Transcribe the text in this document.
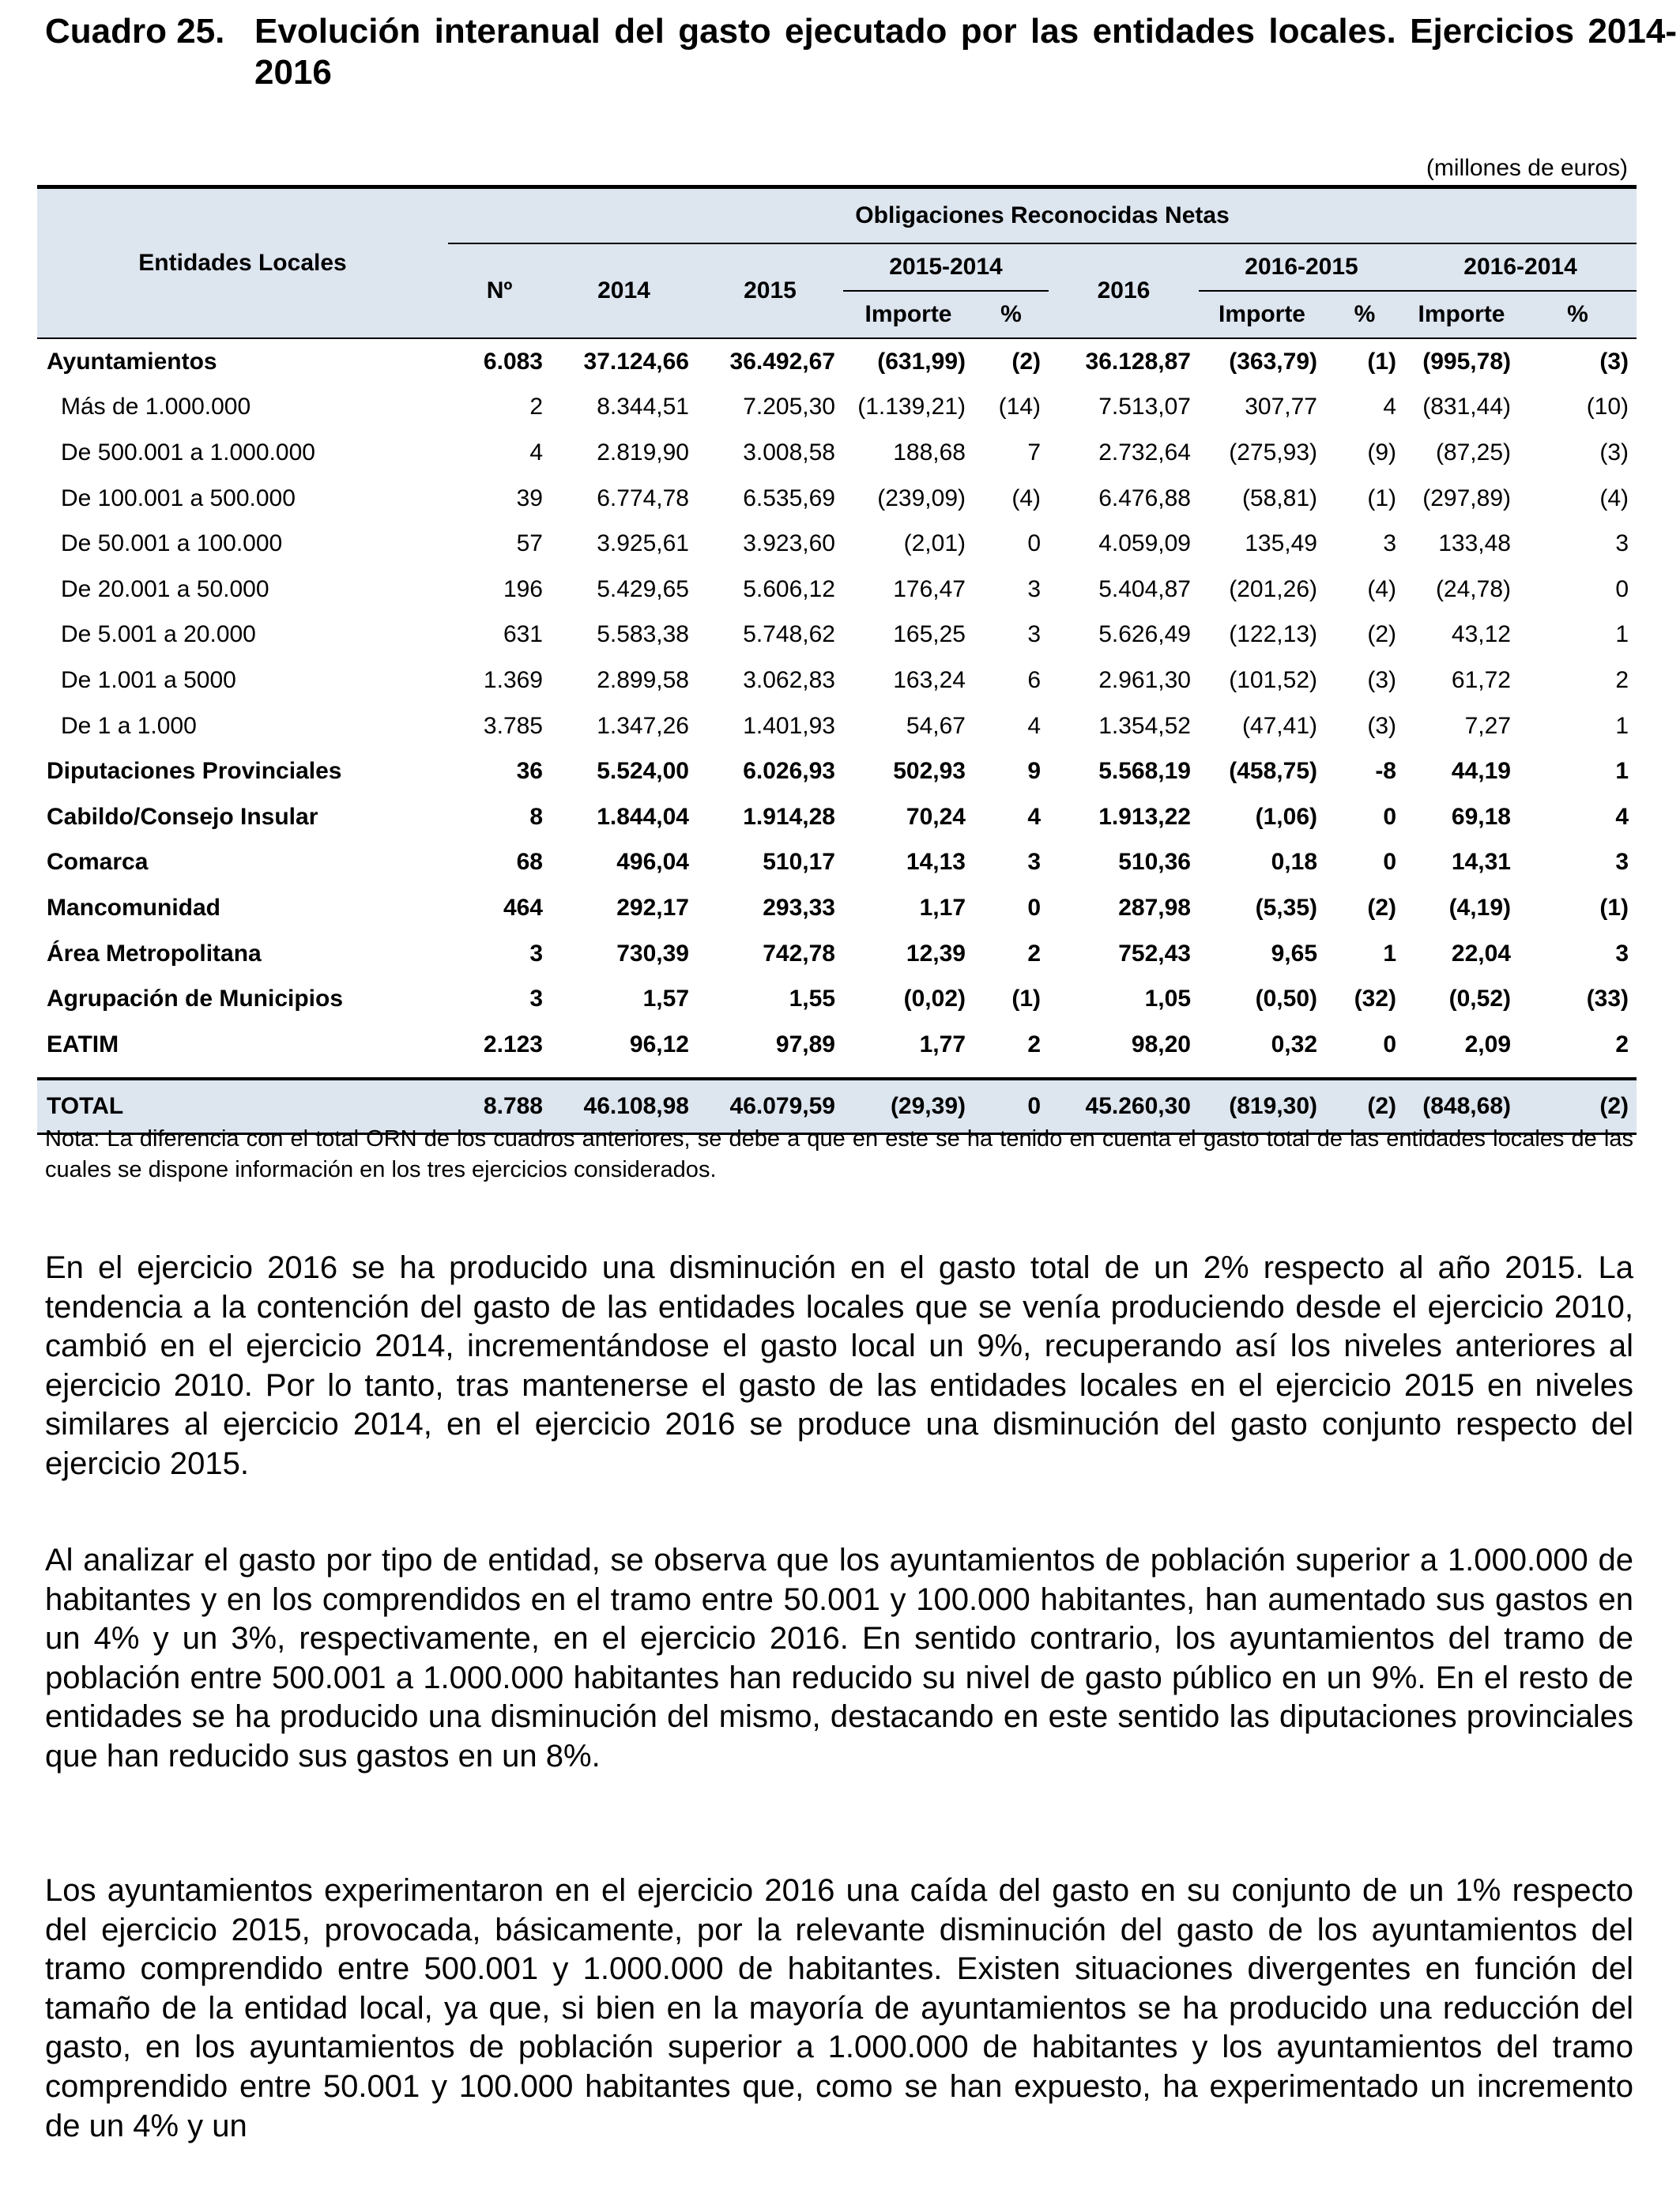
Cuadro 25. Evolución interanual del gasto ejecutado por las entidades locales. Ejercicios 2014-2016
(millones de euros)
Entidades Locales	Obligaciones Reconocidas Netas									
	Nº	2014	2015	2015-2014		2016	2016-2015		2016-2014	
				Importe	%		Importe	%	Importe	%
Ayuntamientos	6.083	37.124,66	36.492,67	(631,99)	(2)	36.128,87	(363,79)	(1)	(995,78)	(3)
Más de 1.000.000	2	8.344,51	7.205,30	(1.139,21)	(14)	7.513,07	307,77	4	(831,44)	(10)
De 500.001 a 1.000.000	4	2.819,90	3.008,58	188,68	7	2.732,64	(275,93)	(9)	(87,25)	(3)
De 100.001 a 500.000	39	6.774,78	6.535,69	(239,09)	(4)	6.476,88	(58,81)	(1)	(297,89)	(4)
De 50.001 a 100.000	57	3.925,61	3.923,60	(2,01)	0	4.059,09	135,49	3	133,48	3
De 20.001 a 50.000	196	5.429,65	5.606,12	176,47	3	5.404,87	(201,26)	(4)	(24,78)	0
De 5.001 a 20.000	631	5.583,38	5.748,62	165,25	3	5.626,49	(122,13)	(2)	43,12	1
De 1.001 a 5000	1.369	2.899,58	3.062,83	163,24	6	2.961,30	(101,52)	(3)	61,72	2
De 1 a 1.000	3.785	1.347,26	1.401,93	54,67	4	1.354,52	(47,41)	(3)	7,27	1
Diputaciones Provinciales	36	5.524,00	6.026,93	502,93	9	5.568,19	(458,75)	-8	44,19	1
Cabildo/Consejo Insular	8	1.844,04	1.914,28	70,24	4	1.913,22	(1,06)	0	69,18	4
Comarca	68	496,04	510,17	14,13	3	510,36	0,18	0	14,31	3
Mancomunidad	464	292,17	293,33	1,17	0	287,98	(5,35)	(2)	(4,19)	(1)
Área Metropolitana	3	730,39	742,78	12,39	2	752,43	9,65	1	22,04	3
Agrupación de Municipios	3	1,57	1,55	(0,02)	(1)	1,05	(0,50)	(32)	(0,52)	(33)
EATIM	2.123	96,12	97,89	1,77	2	98,20	0,32	0	2,09	2

TOTAL	8.788	46.108,98	46.079,59	(29,39)	0	45.260,30	(819,30)	(2)	(848,68)	(2)
Nota: La diferencia con el total ORN de los cuadros anteriores, se debe a que en este se ha tenido en cuenta el gasto total de las entidades locales de las cuales se dispone información en los tres ejercicios considerados.
En el ejercicio 2016 se ha producido una disminución en el gasto total de un 2% respecto al año 2015. La tendencia a la contención del gasto de las entidades locales que se venía produciendo desde el ejercicio 2010, cambió en el ejercicio 2014, incrementándose el gasto local un 9%, recuperando así los niveles anteriores al ejercicio 2010. Por lo tanto, tras mantenerse el gasto de las entidades locales en el ejercicio 2015 en niveles similares al ejercicio 2014, en el ejercicio 2016 se produce una disminución del gasto conjunto respecto del ejercicio 2015.
Al analizar el gasto por tipo de entidad, se observa que los ayuntamientos de población superior a 1.000.000 de habitantes y en los comprendidos en el tramo entre 50.001 y 100.000 habitantes, han aumentado sus gastos en un 4% y un 3%, respectivamente, en el ejercicio 2016. En sentido contrario, los ayuntamientos del tramo de población entre 500.001 a 1.000.000 habitantes han reducido su nivel de gasto público en un 9%. En el resto de entidades se ha producido una disminución del mismo, destacando en este sentido las diputaciones provinciales que han reducido sus gastos en un 8%.
Los ayuntamientos experimentaron en el ejercicio 2016 una caída del gasto en su conjunto de un 1% respecto del ejercicio 2015, provocada, básicamente, por la relevante disminución del gasto de los ayuntamientos del tramo comprendido entre 500.001 y 1.000.000 de habitantes. Existen situaciones divergentes en función del tamaño de la entidad local, ya que, si bien en la mayoría de ayuntamientos se ha producido una reducción del gasto, en los ayuntamientos de población superior a 1.000.000 de habitantes y los ayuntamientos del tramo comprendido entre 50.001 y 100.000 habitantes que, como se han expuesto, ha experimentado un incremento de un 4% y un
